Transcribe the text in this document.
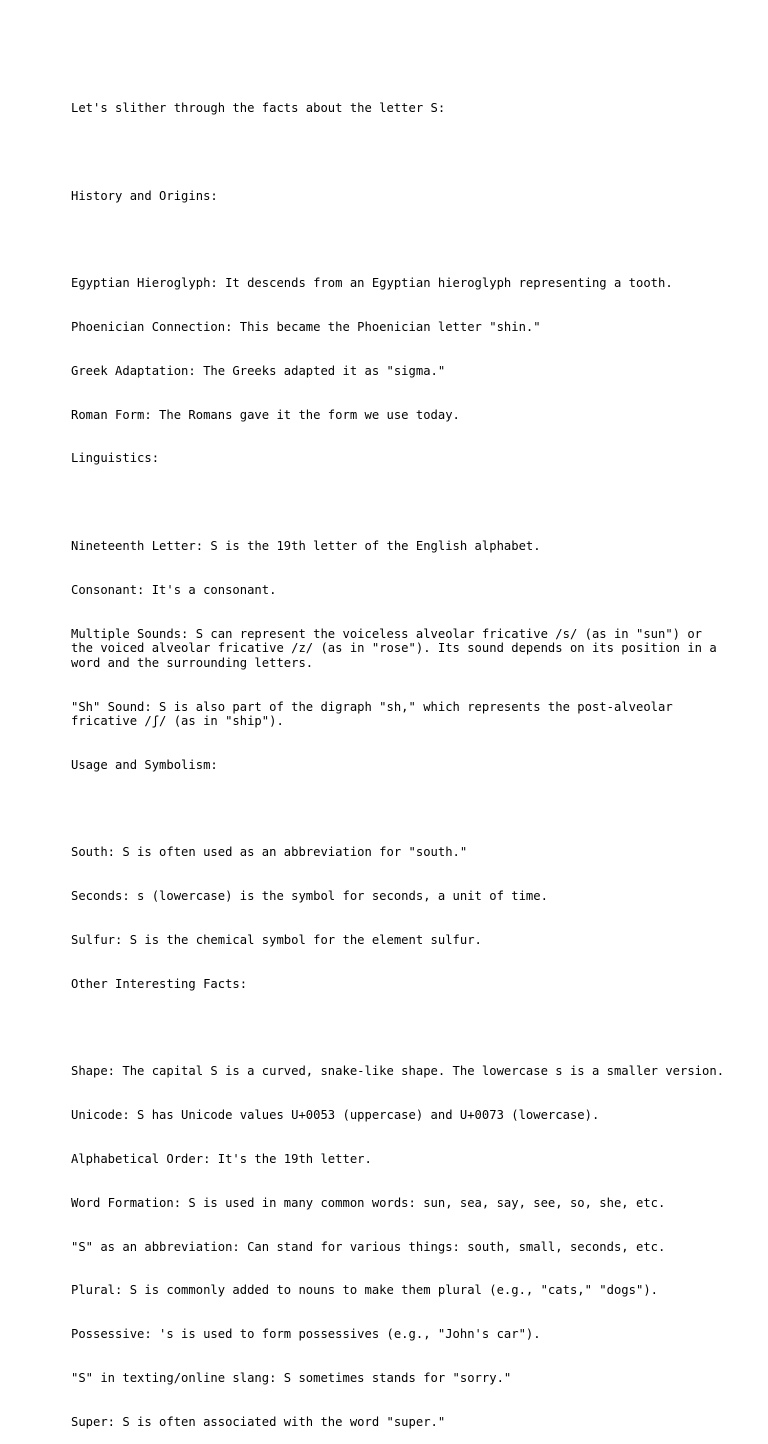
Let's slither through the facts about the letter S:

History and Origins:

Egyptian Hieroglyph: It descends from an Egyptian hieroglyph representing a tooth.

Phoenician Connection: This became the Phoenician letter "shin."

Greek Adaptation: The Greeks adapted it as "sigma."

Roman Form: The Romans gave it the form we use today.

Linguistics:

Nineteenth Letter: S is the 19th letter of the English alphabet.

Consonant: It's a consonant.

Multiple Sounds: S can represent the voiceless alveolar fricative /s/ (as in "sun") or the voiced alveolar fricative /z/ (as in "rose"). Its sound depends on its position in a word and the surrounding letters.

"Sh" Sound: S is also part of the digraph "sh," which represents the post-alveolar fricative /ʃ/ (as in "ship").

Usage and Symbolism:

South: S is often used as an abbreviation for "south."

Seconds: s (lowercase) is the symbol for seconds, a unit of time.

Sulfur: S is the chemical symbol for the element sulfur.

Other Interesting Facts:

Shape: The capital S is a curved, snake-like shape. The lowercase s is a smaller version.

Unicode: S has Unicode values U+0053 (uppercase) and U+0073 (lowercase).

Alphabetical Order: It's the 19th letter.

Word Formation: S is used in many common words: sun, sea, say, see, so, she, etc.

"S" as an abbreviation: Can stand for various things: south, small, seconds, etc.

Plural: S is commonly added to nouns to make them plural (e.g., "cats," "dogs").

Possessive: 's is used to form possessives (e.g., "John's car").

"S" in texting/online slang: S sometimes stands for "sorry."

Super: S is often associated with the word "super."
